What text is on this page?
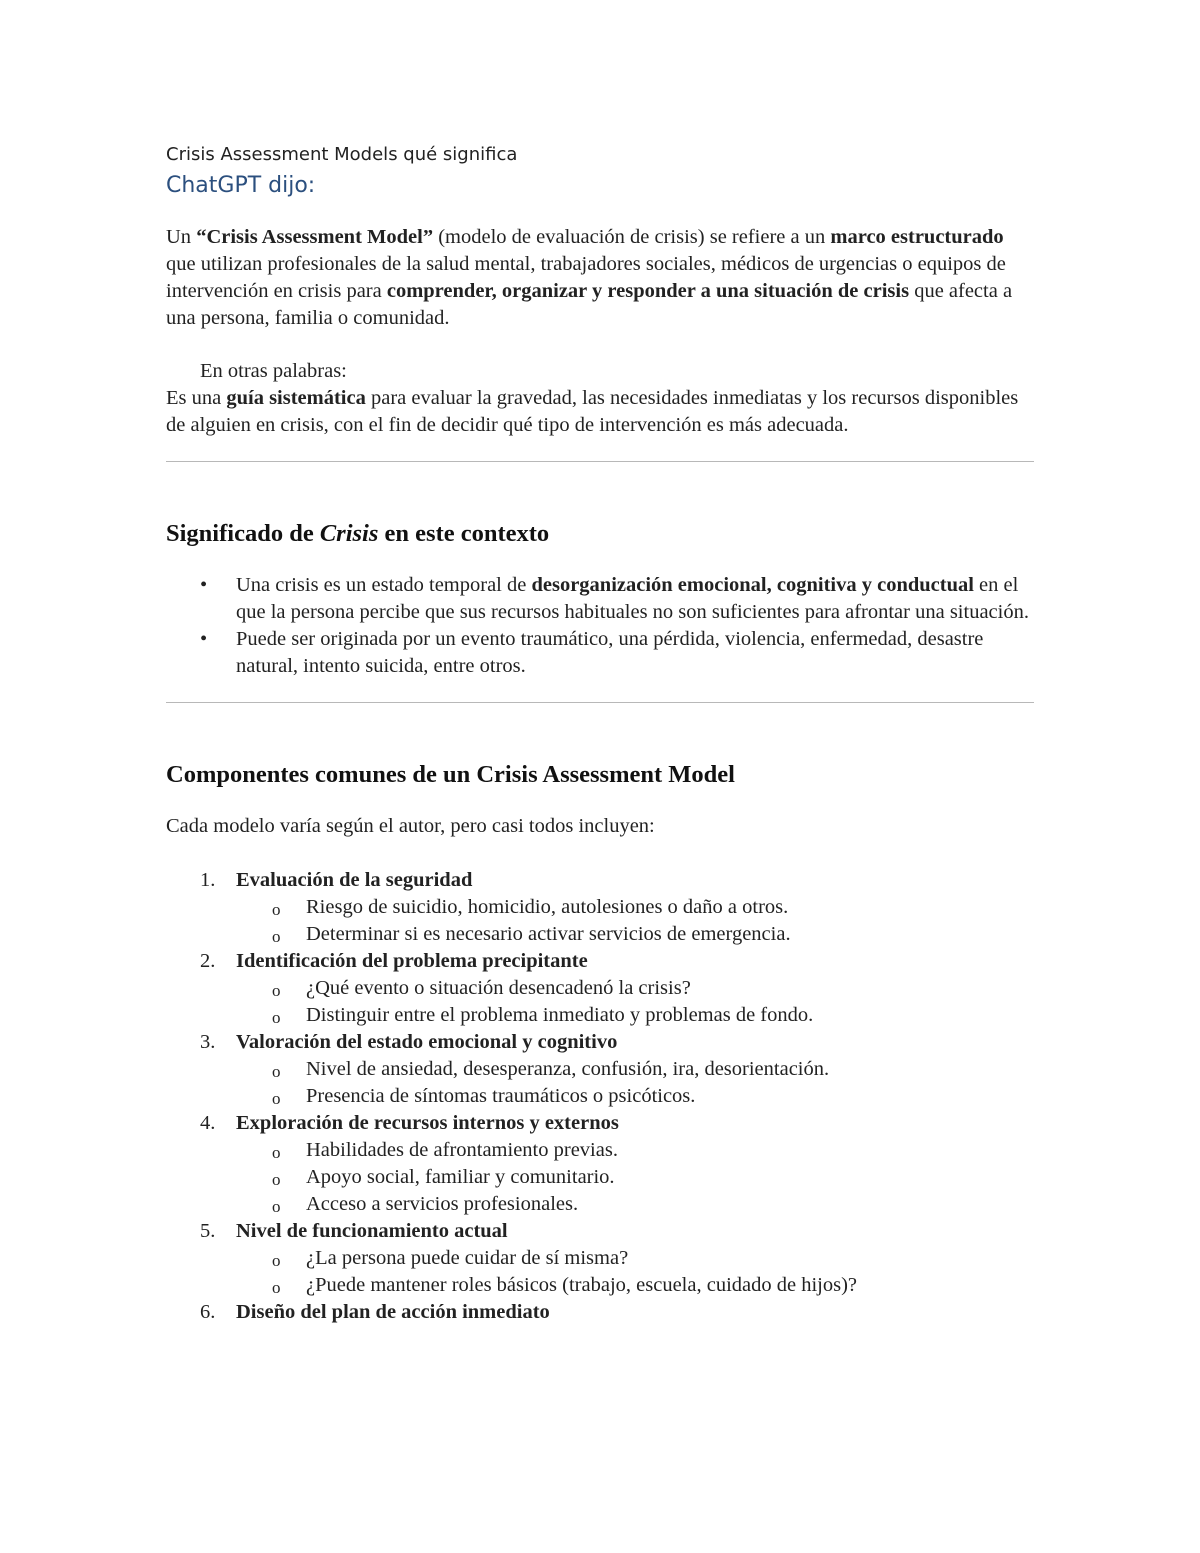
Crisis Assessment Models qué significa

ChatGPT dijo:

Un “Crisis Assessment Model” (modelo de evaluación de crisis) se refiere a un marco estructurado que utilizan profesionales de la salud mental, trabajadores sociales, médicos de urgencias o equipos de intervención en crisis para comprender, organizar y responder a una situación de crisis que afecta a una persona, familia o comunidad.

En otras palabras:

Es una guía sistemática para evaluar la gravedad, las necesidades inmediatas y los recursos disponibles de alguien en crisis, con el fin de decidir qué tipo de intervención es más adecuada.

Significado de Crisis en este contexto
• Una crisis es un estado temporal de desorganización emocional, cognitiva y conductual en el que la persona percibe que sus recursos habituales no son suficientes para afrontar una situación.
• Puede ser originada por un evento traumático, una pérdida, violencia, enfermedad, desastre natural, intento suicida, entre otros.
Componentes comunes de un Crisis Assessment Model

Cada modelo varía según el autor, pero casi todos incluyen:

1. Evaluación de la seguridad
o Riesgo de suicidio, homicidio, autolesiones o daño a otros.
o Determinar si es necesario activar servicios de emergencia.
2. Identificación del problema precipitante
o ¿Qué evento o situación desencadenó la crisis?
o Distinguir entre el problema inmediato y problemas de fondo.
3. Valoración del estado emocional y cognitivo
o Nivel de ansiedad, desesperanza, confusión, ira, desorientación.
o Presencia de síntomas traumáticos o psicóticos.
4. Exploración de recursos internos y externos
o Habilidades de afrontamiento previas.
o Apoyo social, familiar y comunitario.
o Acceso a servicios profesionales.
5. Nivel de funcionamiento actual
o ¿La persona puede cuidar de sí misma?
o ¿Puede mantener roles básicos (trabajo, escuela, cuidado de hijos)?
6. Diseño del plan de acción inmediato
